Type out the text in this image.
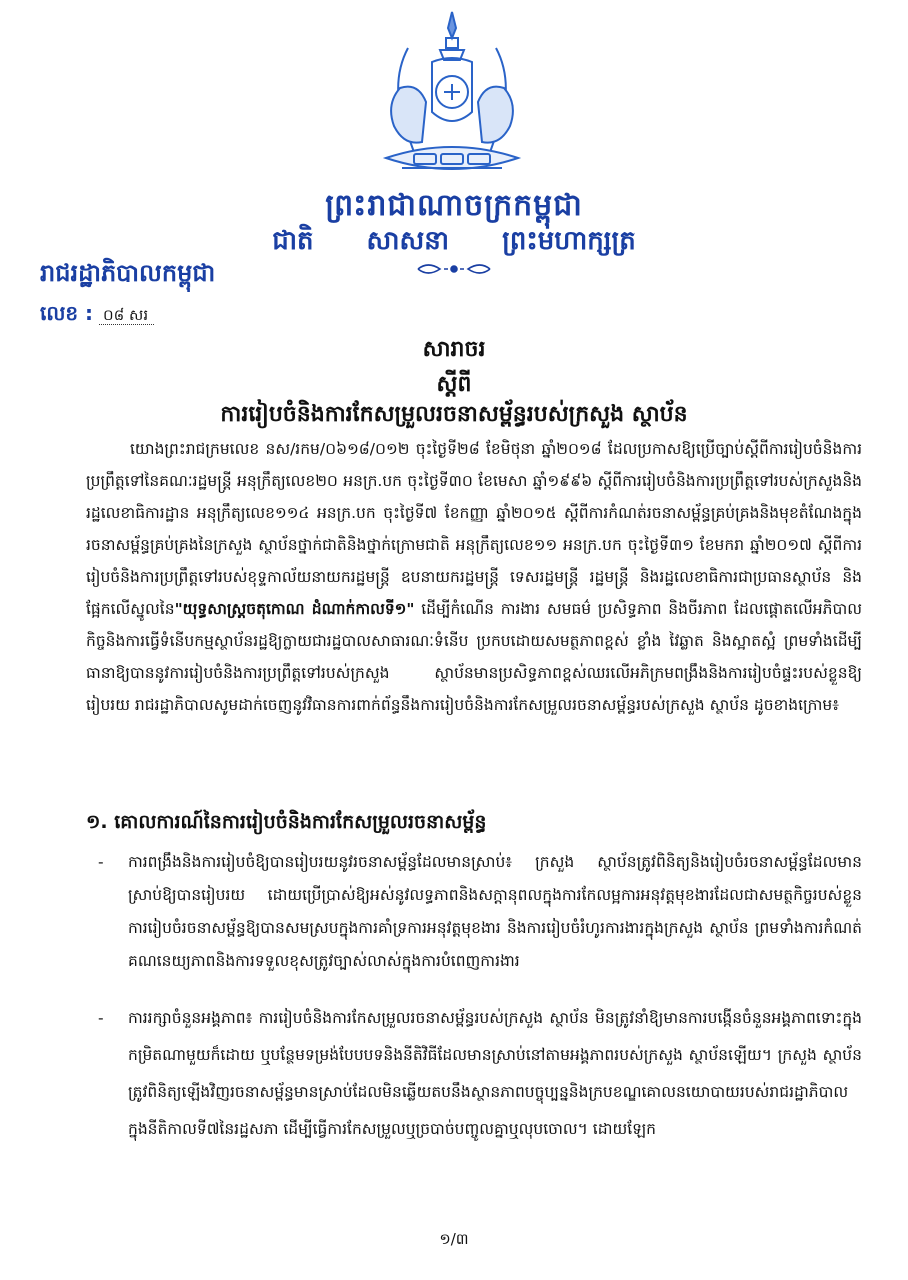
ព្រះរាជាណាចក្រកម្ពុជា
ជាតិ សាសនា ព្រះមហាក្សត្រ
រាជរដ្ឋាភិបាលកម្ពុជា
លេខ : ០៨ សរ
សារាចរ
ស្តីពី
ការរៀបចំនិងការកែសម្រួលរចនាសម្ព័ន្ធរបស់ក្រសួង ស្ថាប័ន
យោងព្រះរាជក្រមលេខ នស/រកម/០៦១៨/០១២ ចុះថ្ងៃទី២៨ ខែមិថុនា ឆ្នាំ២០១៨ ដែលប្រកាសឱ្យប្រើច្បាប់ស្តីពីការរៀបចំនិងការប្រព្រឹត្តទៅនៃគណៈរដ្ឋមន្ត្រី អនុក្រឹត្យលេខ២០ អនក្រ.បក ចុះថ្ងៃទី៣០ ខែមេសា ឆ្នាំ១៩៩៦ ស្តីពីការរៀបចំនិងការប្រព្រឹត្តទៅរបស់ក្រសួងនិងរដ្ឋលេខាធិការដ្ឋាន អនុក្រឹត្យលេខ១១៤ អនក្រ.បក ចុះថ្ងៃទី៧ ខែកញ្ញា ឆ្នាំ២០១៥ ស្តីពីការកំណត់រចនាសម្ព័ន្ធគ្រប់គ្រងនិងមុខតំណែងក្នុងរចនាសម្ព័ន្ធគ្រប់គ្រងនៃក្រសួង ស្ថាប័នថ្នាក់ជាតិនិងថ្នាក់ក្រោមជាតិ អនុក្រឹត្យលេខ១១ អនក្រ.បក ចុះថ្ងៃទី៣១ ខែមករា ឆ្នាំ២០១៧ ស្តីពីការរៀបចំនិងការប្រព្រឹត្តទៅរបស់ខុទ្ទកាល័យនាយករដ្ឋមន្ត្រី ឧបនាយករដ្ឋមន្ត្រី ទេសរដ្ឋមន្ត្រី រដ្ឋមន្ត្រី និងរដ្ឋលេខាធិការជាប្រធានស្ថាប័ន និងផ្អែកលើស្នូលនៃ"យុទ្ធសាស្ត្រចតុកោណ ដំណាក់កាលទី១" ដើម្បីកំណើន ការងារ សមធម៌ ប្រសិទ្ធភាព និងចីរភាព ដែលផ្តោតលើអភិបាលកិច្ចនិងការធ្វើទំនើបកម្មស្ថាប័នរដ្ឋឱ្យក្លាយជារដ្ឋបាលសាធារណៈទំនើប ប្រកបដោយសមត្ថភាពខ្ពស់ ខ្លាំង វៃឆ្លាត និងស្អាតស្អំ ព្រមទាំងដើម្បីធានាឱ្យបាននូវការរៀបចំនិងការប្រព្រឹត្តទៅរបស់ក្រសួង ស្ថាប័នមានប្រសិទ្ធភាពខ្ពស់ឈរលើអភិក្រមពង្រឹងនិងការរៀបចំផ្ទះរបស់ខ្លួនឱ្យរៀបរយ រាជរដ្ឋាភិបាលសូមដាក់ចេញនូវវិធានការពាក់ព័ន្ធនឹងការរៀបចំនិងការកែសម្រួលរចនាសម្ព័ន្ធរបស់ក្រសួង ស្ថាប័ន ដូចខាងក្រោម៖
១. គោលការណ៍នៃការរៀបចំនិងការកែសម្រួលរចនាសម្ព័ន្ធ
- ការពង្រឹងនិងការរៀបចំឱ្យបានរៀបរយនូវរចនាសម្ព័ន្ធដែលមានស្រាប់៖ ក្រសួង ស្ថាប័នត្រូវពិនិត្យនិងរៀបចំរចនាសម្ព័ន្ធដែលមានស្រាប់ឱ្យបានរៀបរយ ដោយប្រើប្រាស់ឱ្យអស់នូវលទ្ធភាពនិងសក្តានុពលក្នុងការកែលម្អការអនុវត្តមុខងារដែលជាសមត្ថកិច្ចរបស់ខ្លួន ការរៀបចំរចនាសម្ព័ន្ធឱ្យបានសមស្របក្នុងការគាំទ្រការអនុវត្តមុខងារ និងការរៀបចំរំហូរការងារក្នុងក្រសួង ស្ថាប័ន ព្រមទាំងការកំណត់គណនេយ្យភាពនិងការទទួលខុសត្រូវច្បាស់លាស់ក្នុងការបំពេញការងារ
- ការរក្សាចំនួនអង្គភាព៖ ការរៀបចំនិងការកែសម្រួលរចនាសម្ព័ន្ធរបស់ក្រសួង ស្ថាប័ន មិនត្រូវនាំឱ្យមានការបង្កើនចំនួនអង្គភាពទោះក្នុងកម្រិតណាមួយក៏ដោយ ឬបន្ថែមទម្រង់បែបបទនិងនីតិវិធីដែលមានស្រាប់នៅតាមអង្គភាពរបស់ក្រសួង ស្ថាប័នឡើយ។ ក្រសួង ស្ថាប័ន ត្រូវពិនិត្យឡើងវិញរចនាសម្ព័ន្ធមានស្រាប់ដែលមិនឆ្លើយតបនឹងស្ថានភាពបច្ចុប្បន្ននិងក្របខណ្ឌគោលនយោបាយរបស់រាជរដ្ឋាភិបាលក្នុងនីតិកាលទី៧នៃរដ្ឋសភា ដើម្បីធ្វើការកែសម្រួលឬច្របាច់បញ្ចូលគ្នាឬលុបចោល។ ដោយឡែក
១/៣
